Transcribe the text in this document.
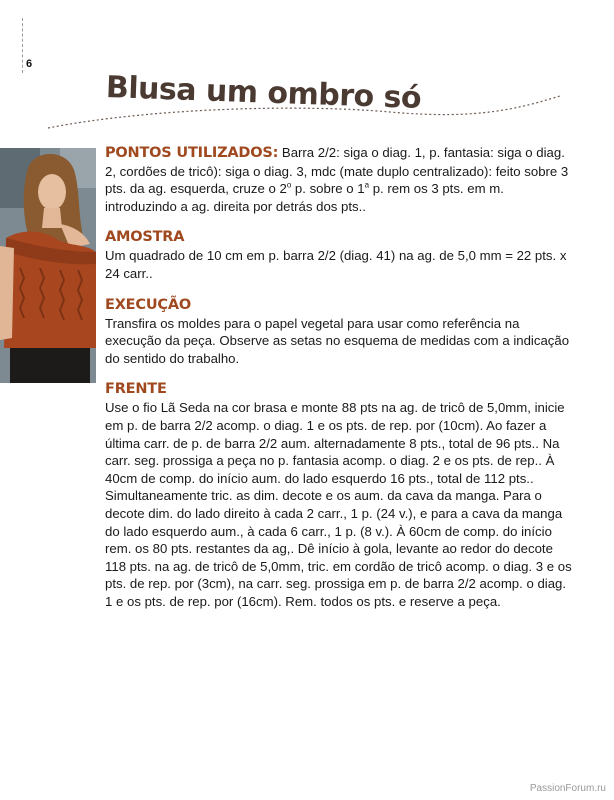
6
Blusa um ombro só

PONTOS UTILIZADOS: Barra 2/2: siga o diag. 1, p. fantasia: siga o diag. 2, cordões de tricô): siga o diag. 3, mdc (mate duplo centralizado): feito sobre 3 pts. da ag. esquerda, cruze o 2$^o$ p. sobre o 1$^a$ p. rem os 3 pts. em m. introduzindo a ag. direita por detrás dos pts..

AMOSTRA

Um quadrado de 10 cm em p. barra 2/2 (diag. 41) na ag. de 5,0 mm = 22 pts. x 24 carr..

EXECUÇÃO

Transfira os moldes para o papel vegetal para usar como referência na execução da peça. Observe as setas no esquema de medidas com a indicação do sentido do trabalho.

FRENTE

Use o fio Lã Seda na cor brasa e monte 88 pts na ag. de tricô de 5,0mm, inicie em p. de barra 2/2 acomp. o diag. 1 e os pts. de rep. por (10cm). Ao fazer a última carr. de p. de barra 2/2 aum. alternadamente 8 pts., total de 96 pts.. Na carr. seg. prossiga a peça no p. fantasia acomp. o diag. 2 e os pts. de rep.. À 40cm de comp. do início aum. do lado esquerdo 16 pts., total de 112 pts.. Simultaneamente tric. as dim. decote e os aum. da cava da manga. Para o decote dim. do lado direito à cada 2 carr., 1 p. (24 v.), e para a cava da manga do lado esquerdo aum., à cada 6 carr., 1 p. (8 v.). À 60cm de comp. do início rem. os 80 pts. restantes da ag,. Dê início à gola, levante ao redor do decote 118 pts. na ag. de tricô de 5,0mm, tric. em cordão de tricô acomp. o diag. 3 e os pts. de rep. por (3cm), na carr. seg. prossiga em p. de barra 2/2 acomp. o diag. 1 e os pts. de rep. por (16cm). Rem. todos os pts. e reserve a peça.

PassionForum.ru
